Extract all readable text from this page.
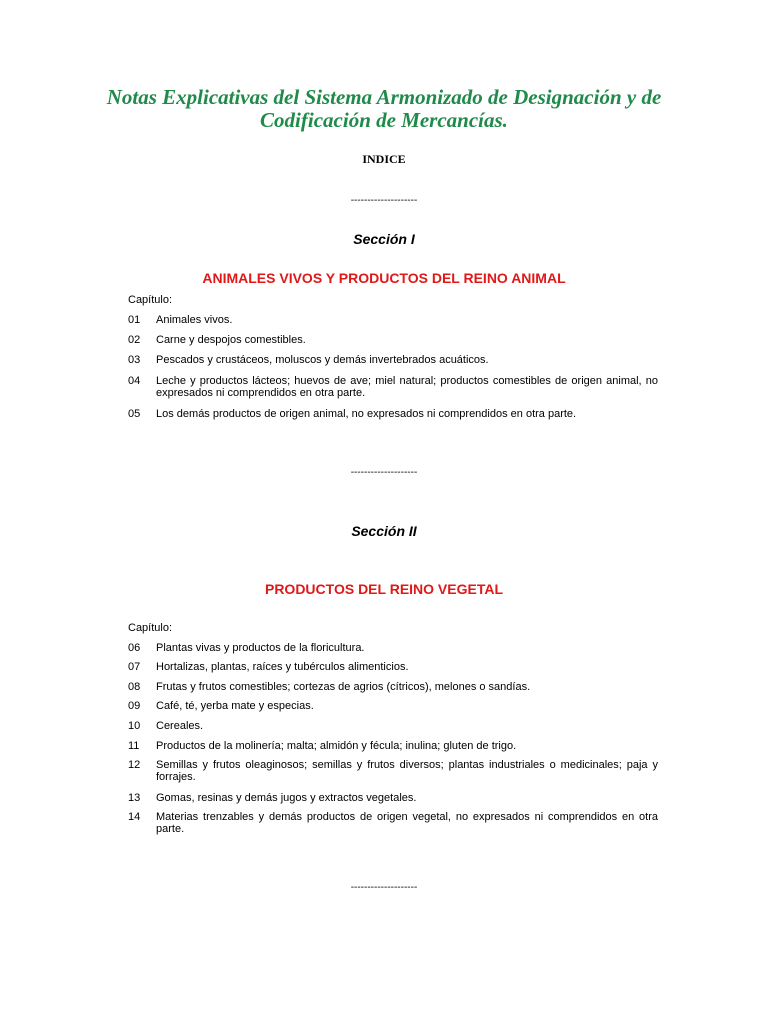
Notas Explicativas del Sistema Armonizado de Designación y de Codificación de Mercancías.

INDICE

--------------------

Sección I

ANIMALES VIVOS Y PRODUCTOS DEL REINO ANIMAL

Capítulo:

01 Animales vivos.
02 Carne y despojos comestibles.
03 Pescados y crustáceos, moluscos y demás invertebrados acuáticos.
04 Leche y productos lácteos; huevos de ave; miel natural; productos comestibles de origen animal, no expresados ni comprendidos en otra parte.
05 Los demás productos de origen animal, no expresados ni comprendidos en otra parte.

--------------------

Sección II

PRODUCTOS DEL REINO VEGETAL

Capítulo:

06 Plantas vivas y productos de la floricultura.
07 Hortalizas, plantas, raíces y tubérculos alimenticios.
08 Frutas y frutos comestibles; cortezas de agrios (cítricos), melones o sandías.
09 Café, té, yerba mate y especias.
10 Cereales.
11 Productos de la molinería; malta; almidón y fécula; inulina; gluten de trigo.
12 Semillas y frutos oleaginosos; semillas y frutos diversos; plantas industriales o medicinales; paja y forrajes.
13 Gomas, resinas y demás jugos y extractos vegetales.
14 Materias trenzables y demás productos de origen vegetal, no expresados ni comprendidos en otra parte.

--------------------
